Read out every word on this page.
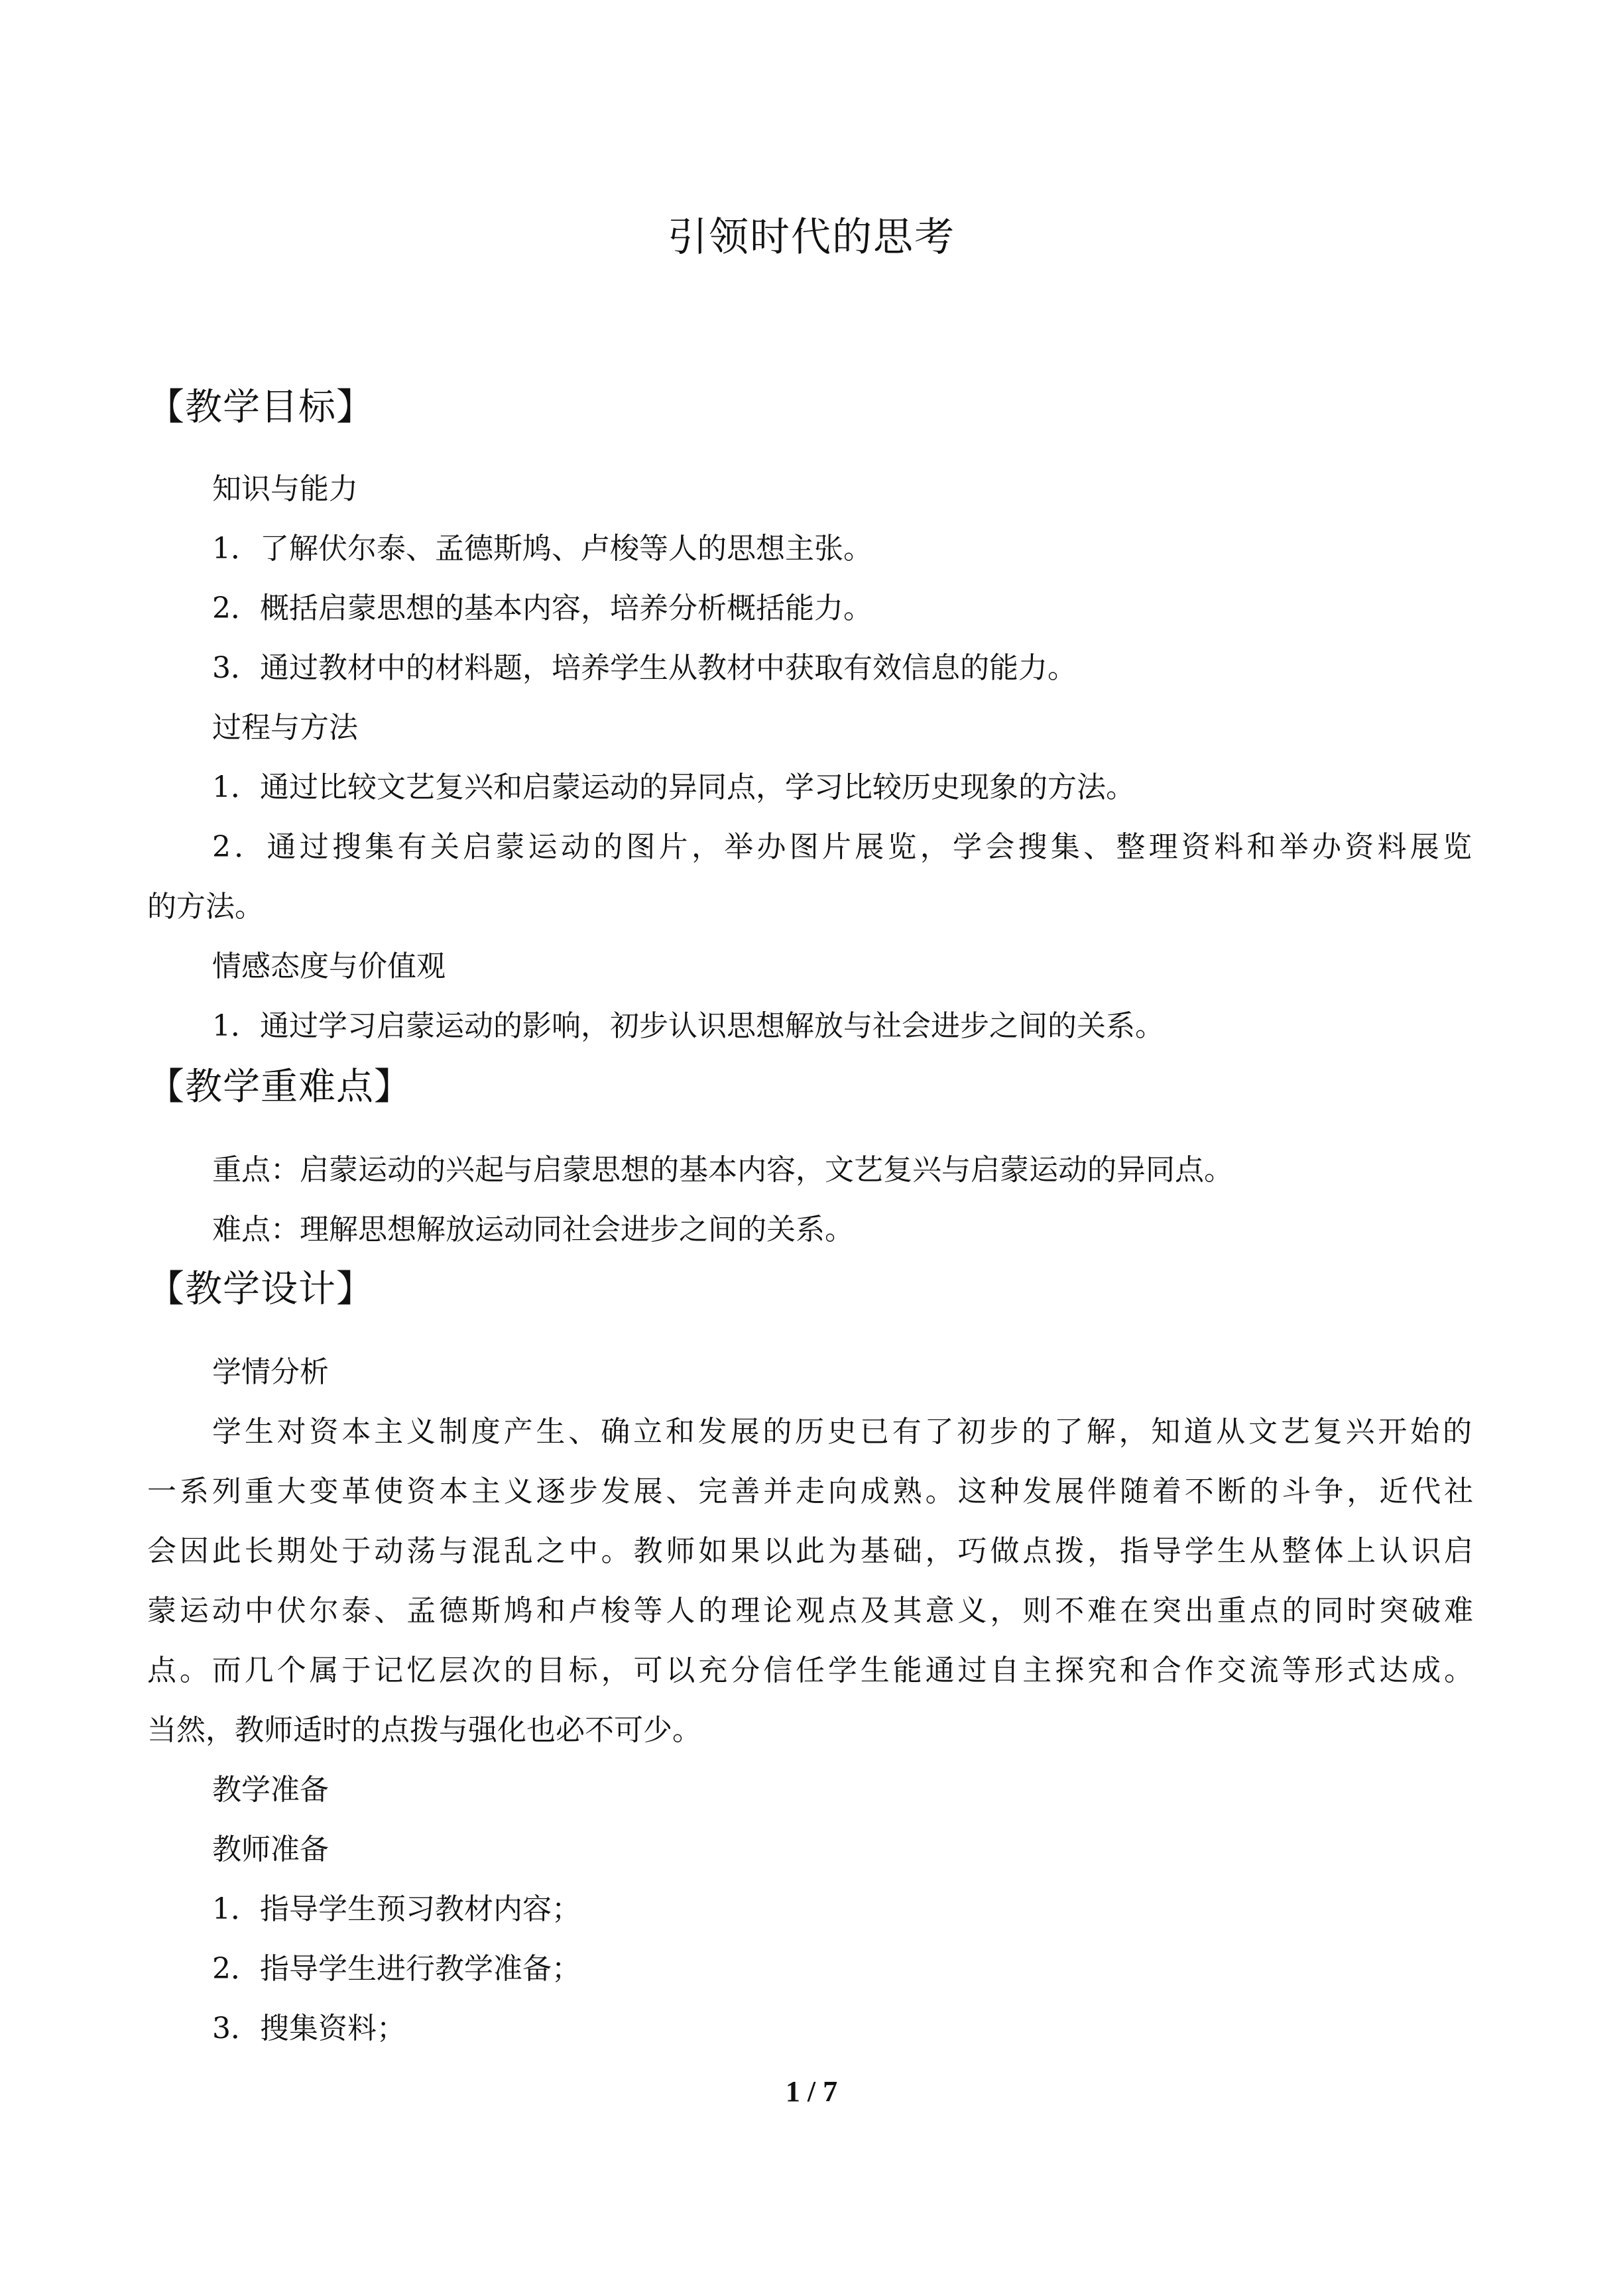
引领时代的思考
【教学目标】
知识与能力
1．了解伏尔泰、孟德斯鸠、卢梭等人的思想主张。
2．概括启蒙思想的基本内容，培养分析概括能力。
3．通过教材中的材料题，培养学生从教材中获取有效信息的能力。
过程与方法
1．通过比较文艺复兴和启蒙运动的异同点，学习比较历史现象的方法。
2．通过搜集有关启蒙运动的图片，举办图片展览，学会搜集、整理资料和举办资料展览
的方法。
情感态度与价值观
1．通过学习启蒙运动的影响，初步认识思想解放与社会进步之间的关系。
【教学重难点】
重点：启蒙运动的兴起与启蒙思想的基本内容，文艺复兴与启蒙运动的异同点。
难点：理解思想解放运动同社会进步之间的关系。
【教学设计】
学情分析
学生对资本主义制度产生、确立和发展的历史已有了初步的了解，知道从文艺复兴开始的
一系列重大变革使资本主义逐步发展、完善并走向成熟。这种发展伴随着不断的斗争，近代社
会因此长期处于动荡与混乱之中。教师如果以此为基础，巧做点拨，指导学生从整体上认识启
蒙运动中伏尔泰、孟德斯鸠和卢梭等人的理论观点及其意义，则不难在突出重点的同时突破难
点。而几个属于记忆层次的目标，可以充分信任学生能通过自主探究和合作交流等形式达成。
当然，教师适时的点拨与强化也必不可少。
教学准备
教师准备
1．指导学生预习教材内容；
2．指导学生进行教学准备；
3．搜集资料；
1 / 7
